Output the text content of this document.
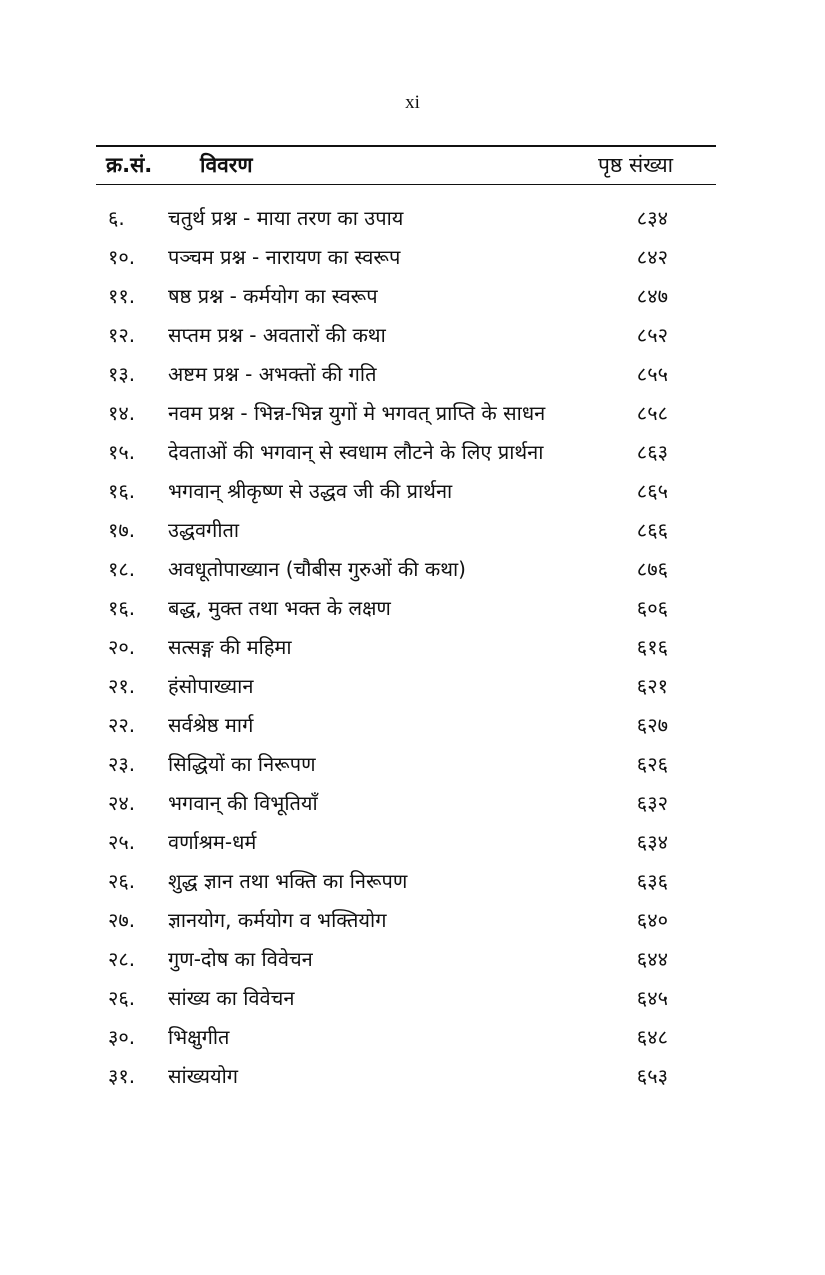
xi
क्र.सं. विवरण	पृष्ठ संख्या
६. चतुर्थ प्रश्न - माया तरण का उपाय	८३४
१०. पञ्चम प्रश्न - नारायण का स्वरूप	८४२
११. षष्ठ प्रश्न - कर्मयोग का स्वरूप	८४७
१२. सप्तम प्रश्न - अवतारों की कथा	८५२
१३. अष्टम प्रश्न - अभक्तों की गति	८५५
१४. नवम प्रश्न - भिन्न-भिन्न युगों मे भगवत् प्राप्ति के साधन	८५८
१५. देवताओं की भगवान् से स्वधाम लौटने के लिए प्रार्थना	८६३
१६. भगवान् श्रीकृष्ण से उद्धव जी की प्रार्थना	८६५
१७. उद्धवगीता	८६६
१८. अवधूतोपाख्यान (चौबीस गुरुओं की कथा)	८७६
१६. बद्ध, मुक्त तथा भक्त के लक्षण	६०६
२०. सत्सङ्ग की महिमा	६१६
२१. हंसोपाख्यान	६२१
२२. सर्वश्रेष्ठ मार्ग	६२७
२३. सिद्धियों का निरूपण	६२६
२४. भगवान् की विभूतियाँ	६३२
२५. वर्णाश्रम-धर्म	६३४
२६. शुद्ध ज्ञान तथा भक्ति का निरूपण	६३६
२७. ज्ञानयोग, कर्मयोग व भक्तियोग	६४०
२८. गुण-दोष का विवेचन	६४४
२६. सांख्य का विवेचन	६४५
३०. भिक्षुगीत	६४८
३१. सांख्ययोग	६५३
